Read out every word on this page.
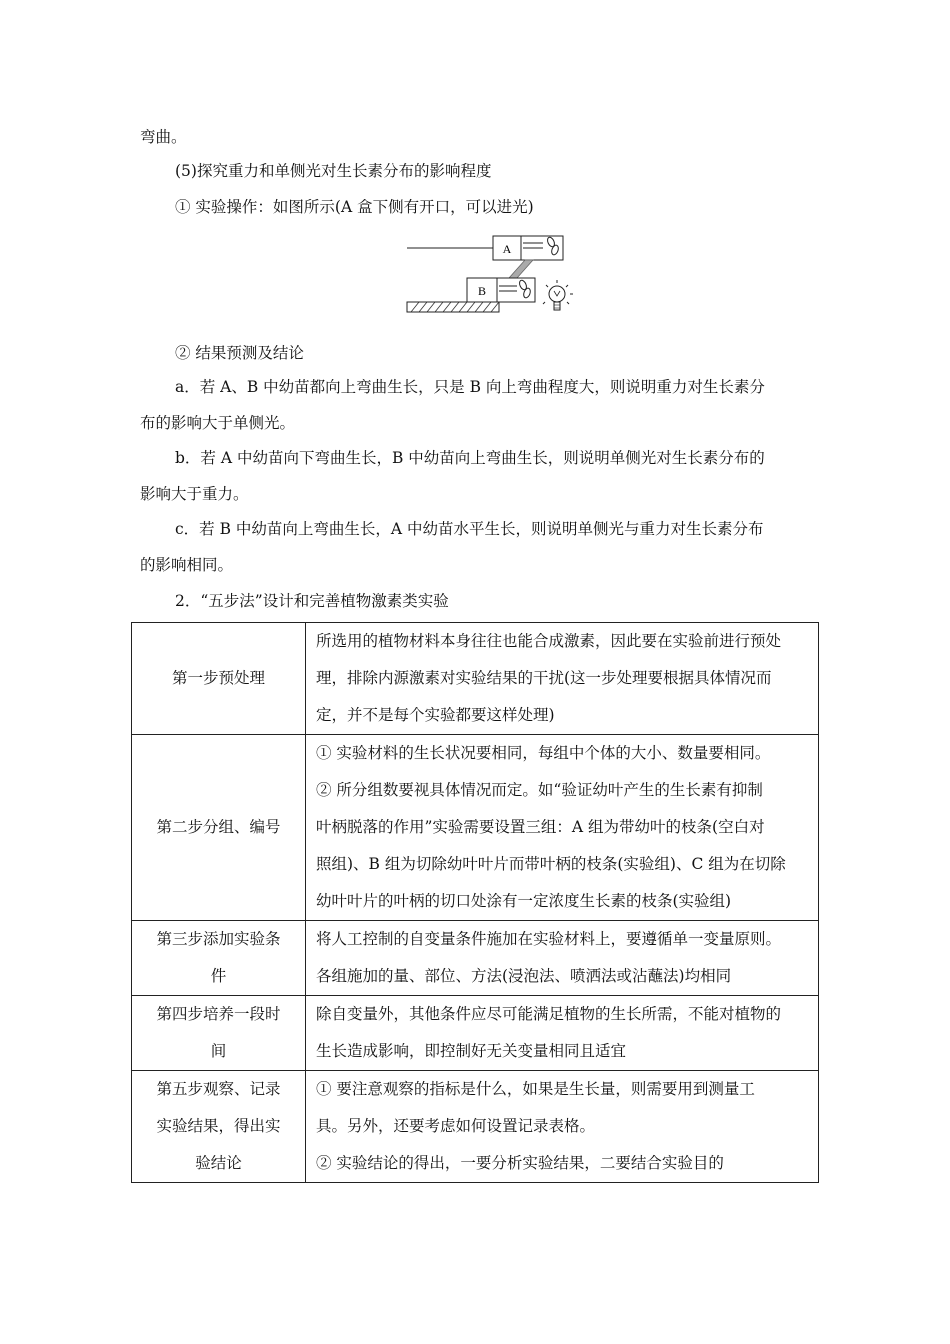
弯曲。
(5)探究重力和单侧光对生长素分布的影响程度
① 实验操作：如图所示(A 盒下侧有开口，可以进光)
A
B
② 结果预测及结论
a．若 A、B 中幼苗都向上弯曲生长，只是 B 向上弯曲程度大，则说明重力对生长素分
布的影响大于单侧光。
b．若 A 中幼苗向下弯曲生长，B 中幼苗向上弯曲生长，则说明单侧光对生长素分布的
影响大于重力。
c．若 B 中幼苗向上弯曲生长，A 中幼苗水平生长，则说明单侧光与重力对生长素分布
的影响相同。
2．“五步法”设计和完善植物激素类实验
第一步预处理	所选用的植物材料本身往往也能合成激素，因此要在实验前进行预处
理，排除内源激素对实验结果的干扰(这一步处理要根据具体情况而
定，并不是每个实验都要这样处理)

第二步分组、编号	① 实验材料的生长状况要相同，每组中个体的大小、数量要相同。
② 所分组数要视具体情况而定。如“验证幼叶产生的生长素有抑制
叶柄脱落的作用”实验需要设置三组：A 组为带幼叶的枝条(空白对
照组)、B 组为切除幼叶叶片而带叶柄的枝条(实验组)、C 组为在切除
幼叶叶片的叶柄的切口处涂有一定浓度生长素的枝条(实验组)

第三步添加实验条
件	将人工控制的自变量条件施加在实验材料上，要遵循单一变量原则。
各组施加的量、部位、方法(浸泡法、喷洒法或沾蘸法)均相同

第四步培养一段时
间	除自变量外，其他条件应尽可能满足植物的生长所需，不能对植物的
生长造成影响，即控制好无关变量相同且适宜

第五步观察、记录
实验结果，得出实
验结论	① 要注意观察的指标是什么，如果是生长量，则需要用到测量工
具。另外，还要考虑如何设置记录表格。
② 实验结论的得出，一要分析实验结果，二要结合实验目的
